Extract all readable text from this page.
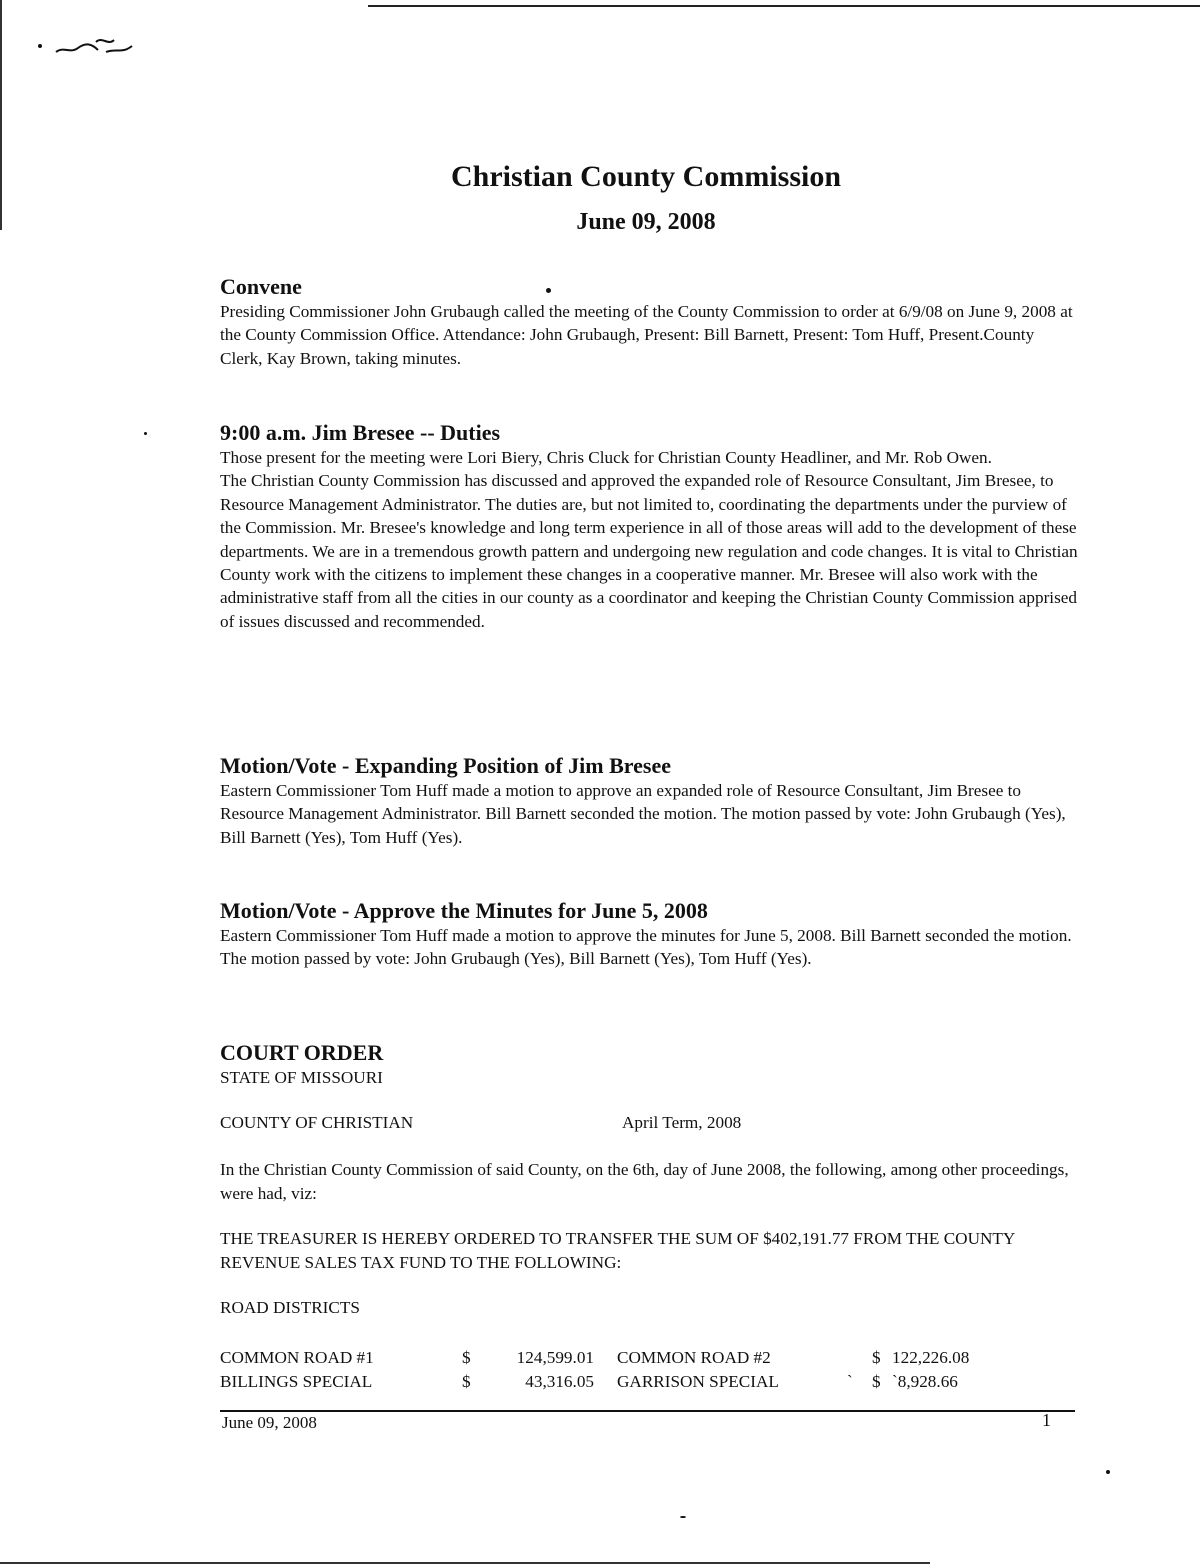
Christian County Commission
June 09, 2008
Convene

Presiding Commissioner John Grubaugh called the meeting of the County Commission to order at 6/9/08 on June 9, 2008 at the County Commission Office. Attendance: John Grubaugh, Present: Bill Barnett, Present: Tom Huff, Present.County Clerk, Kay Brown, taking minutes.

9:00 a.m. Jim Bresee -- Duties

Those present for the meeting were Lori Biery, Chris Cluck for Christian County Headliner, and Mr. Rob Owen.

The Christian County Commission has discussed and approved the expanded role of Resource Consultant, Jim Bresee, to Resource Management Administrator. The duties are, but not limited to, coordinating the departments under the purview of the Commission. Mr. Bresee's knowledge and long term experience in all of those areas will add to the development of these departments. We are in a tremendous growth pattern and undergoing new regulation and code changes. It is vital to Christian County work with the citizens to implement these changes in a cooperative manner. Mr. Bresee will also work with the administrative staff from all the cities in our county as a coordinator and keeping the Christian County Commission apprised of issues discussed and recommended.

Motion/Vote - Expanding Position of Jim Bresee

Eastern Commissioner Tom Huff made a motion to approve an expanded role of Resource Consultant, Jim Bresee to Resource Management Administrator. Bill Barnett seconded the motion. The motion passed by vote: John Grubaugh (Yes), Bill Barnett (Yes), Tom Huff (Yes).

Motion/Vote - Approve the Minutes for June 5, 2008

Eastern Commissioner Tom Huff made a motion to approve the minutes for June 5, 2008. Bill Barnett seconded the motion. The motion passed by vote: John Grubaugh (Yes), Bill Barnett (Yes), Tom Huff (Yes).

COURT ORDER

STATE OF MISSOURI

COUNTY OF CHRISTIAN	April Term, 2008

In the Christian County Commission of said County, on the 6th, day of June 2008, the following, among other proceedings, were had, viz:

THE TREASURER IS HEREBY ORDERED TO TRANSFER THE SUM OF $402,191.77 FROM THE COUNTY REVENUE SALES TAX FUND TO THE FOLLOWING:

ROAD DISTRICTS

COMMON ROAD #1	$	124,599.01 COMMON ROAD #2	$ 122,226.08
BILLINGS SPECIAL	$	43,316.05 GARRISON SPECIAL	` $ `8,928.66
June 09, 2008	1
